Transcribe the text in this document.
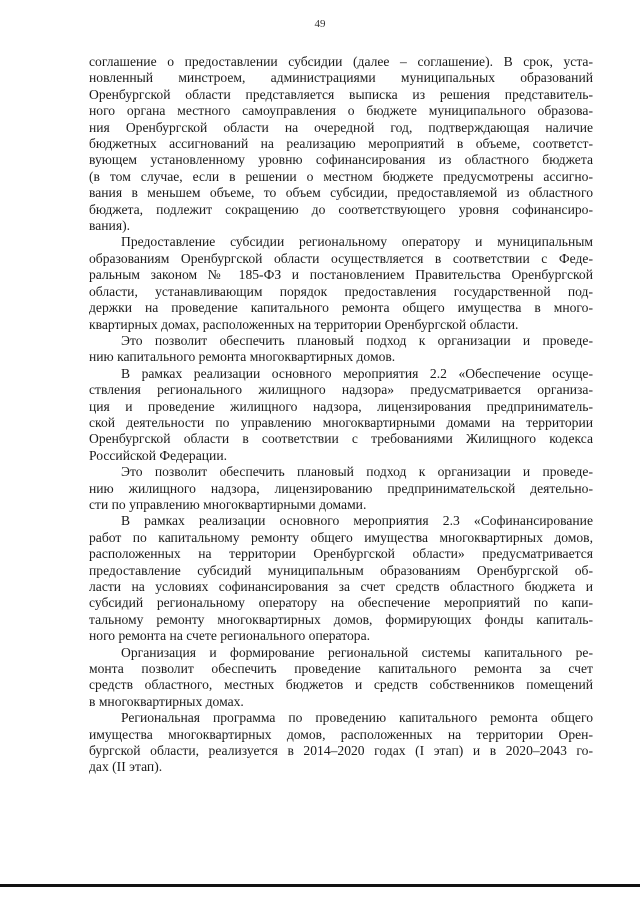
49
соглашение о предоставлении субсидии (далее – соглашение). В срок, уста-
новленный минстроем, администрациями муниципальных образований
Оренбургской области представляется выписка из решения представитель-
ного органа местного самоуправления о бюджете муниципального образова-
ния Оренбургской области на очередной год, подтверждающая наличие
бюджетных ассигнований на реализацию мероприятий в объеме, соответст-
вующем установленному уровню софинансирования из областного бюджета
(в том случае, если в решении о местном бюджете предусмотрены ассигно-
вания в меньшем объеме, то объем субсидии, предоставляемой из областного
бюджета, подлежит сокращению до соответствующего уровня софинансиро-
вания).
Предоставление субсидии региональному оператору и муниципальным
образованиям Оренбургской области осуществляется в соответствии с Феде-
ральным законом № 185-ФЗ и постановлением Правительства Оренбургской
области, устанавливающим порядок предоставления государственной под-
держки на проведение капитального ремонта общего имущества в много-
квартирных домах, расположенных на территории Оренбургской области.
Это позволит обеспечить плановый подход к организации и проведе-
нию капитального ремонта многоквартирных домов.
В рамках реализации основного мероприятия 2.2 «Обеспечение осуще-
ствления регионального жилищного надзора» предусматривается организа-
ция и проведение жилищного надзора, лицензирования предприниматель-
ской деятельности по управлению многоквартирными домами на территории
Оренбургской области в соответствии с требованиями Жилищного кодекса
Российской Федерации.
Это позволит обеспечить плановый подход к организации и проведе-
нию жилищного надзора, лицензированию предпринимательской деятельно-
сти по управлению многоквартирными домами.
В рамках реализации основного мероприятия 2.3 «Софинансирование
работ по капитальному ремонту общего имущества многоквартирных домов,
расположенных на территории Оренбургской области» предусматривается
предоставление субсидий муниципальным образованиям Оренбургской об-
ласти на условиях софинансирования за счет средств областного бюджета и
субсидий региональному оператору на обеспечение мероприятий по капи-
тальному ремонту многоквартирных домов, формирующих фонды капиталь-
ного ремонта на счете регионального оператора.
Организация и формирование региональной системы капитального ре-
монта позволит обеспечить проведение капитального ремонта за счет
средств областного, местных бюджетов и средств собственников помещений
в многоквартирных домах.
Региональная программа по проведению капитального ремонта общего
имущества многоквартирных домов, расположенных на территории Орен-
бургской области, реализуется в 2014–2020 годах (I этап) и в 2020–2043 го-
дах (II этап).
